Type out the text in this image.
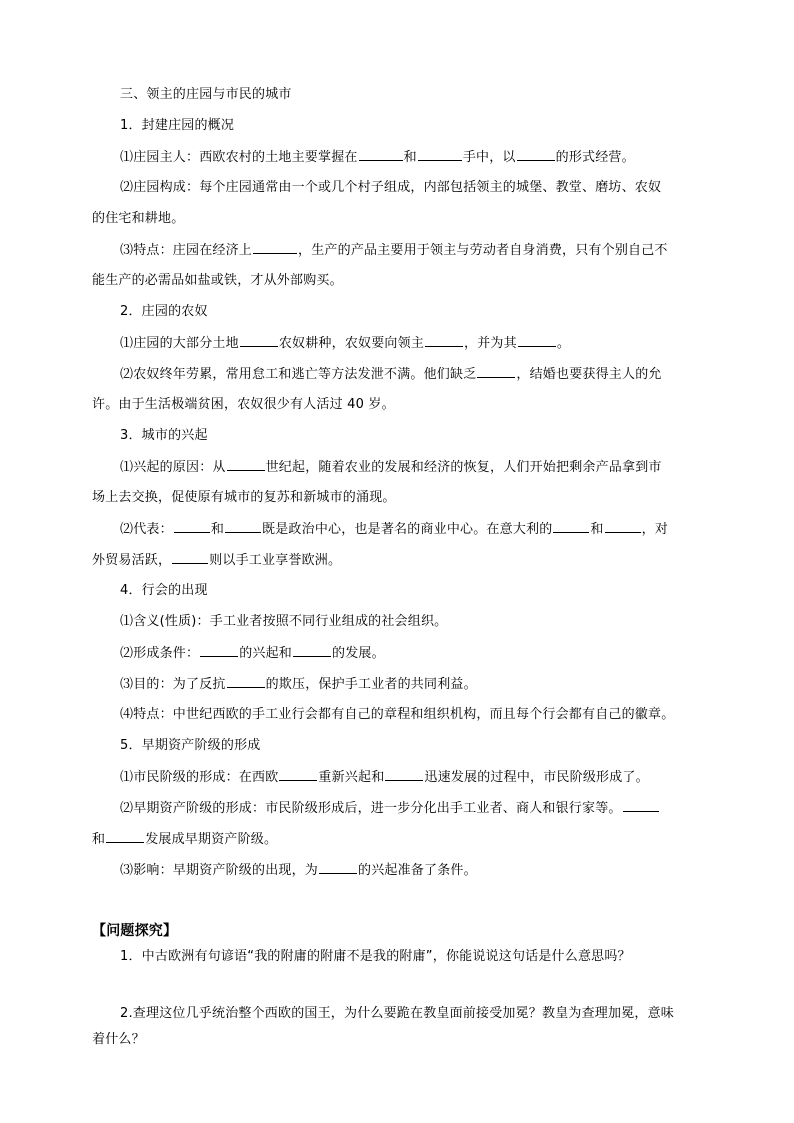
三、领主的庄园与市民的城市
1．封建庄园的概况
⑴庄园主人：西欧农村的土地主要掌握在	和	手中，以	的形式经营。
⑵庄园构成：每个庄园通常由一个或几个村子组成，内部包括领主的城堡、教堂、磨坊、农奴
的住宅和耕地。
⑶特点：庄园在经济上	，生产的产品主要用于领主与劳动者自身消费，只有个别自己不
能生产的必需品如盐或铁，才从外部购买。
2．庄园的农奴
⑴庄园的大部分土地	农奴耕种，农奴要向领主	，并为其	。
⑵农奴终年劳累，常用怠工和逃亡等方法发泄不满。他们缺乏	，结婚也要获得主人的允
许。由于生活极端贫困，农奴很少有人活过 40 岁。
3．城市的兴起
⑴兴起的原因：从	世纪起，随着农业的发展和经济的恢复，人们开始把剩余产品拿到市
场上去交换，促使原有城市的复苏和新城市的涌现。
⑵代表：	和	既是政治中心，也是著名的商业中心。在意大利的	和	，对
外贸易活跃，	则以手工业享誉欧洲。
4．行会的出现
⑴含义(性质)：手工业者按照不同行业组成的社会组织。
⑵形成条件：	的兴起和	的发展。
⑶目的：为了反抗	的欺压，保护手工业者的共同利益。
⑷特点：中世纪西欧的手工业行会都有自己的章程和组织机构，而且每个行会都有自己的徽章。
5．早期资产阶级的形成
⑴市民阶级的形成：在西欧	重新兴起和	迅速发展的过程中，市民阶级形成了。
⑵早期资产阶级的形成：市民阶级形成后，进一步分化出手工业者、商人和银行家等。
和	发展成早期资产阶级。
⑶影响：早期资产阶级的出现，为	的兴起准备了条件。
【问题探究】
1．中古欧洲有句谚语“我的附庸的附庸不是我的附庸”，你能说说这句话是什么意思吗？
2.查理这位几乎统治整个西欧的国王，为什么要跪在教皇面前接受加冕？教皇为查理加冕，意味
着什么？
